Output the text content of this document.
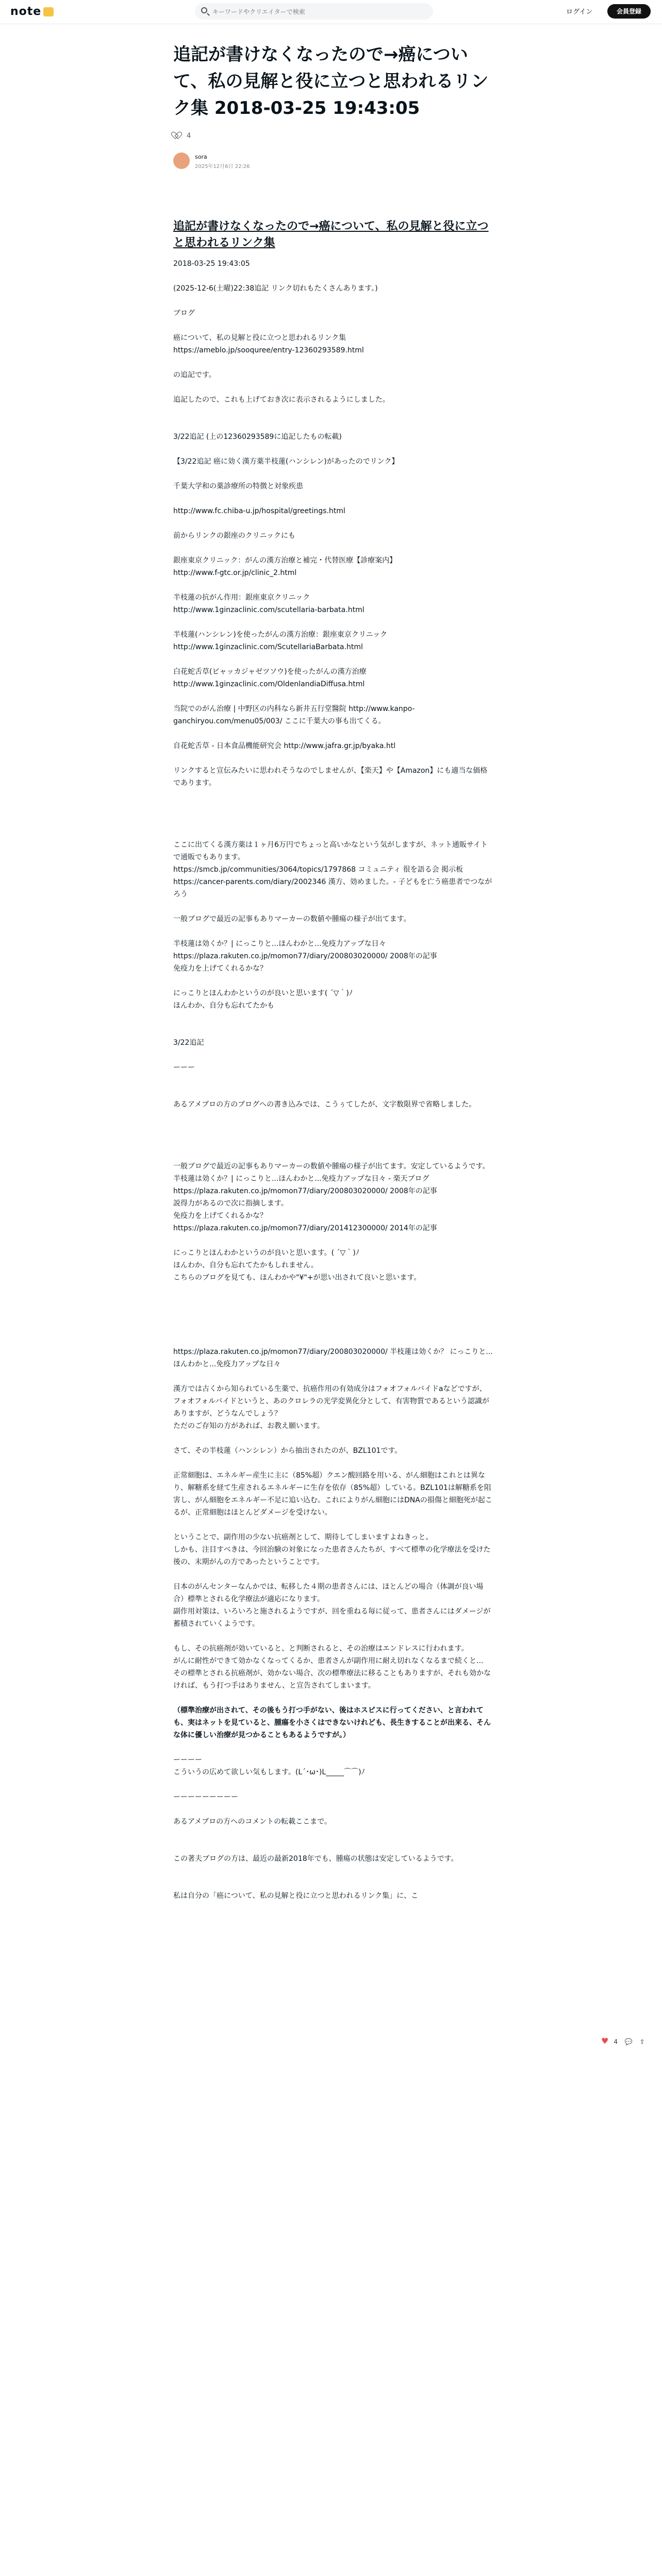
note
キーワードやクリエイターで検索	ログイン	会員登録
追記が書けなくなったので→癌について、私の見解と役に立つと思われるリンク集 2018-03-25 19:43:05
4
sora
2025年12月6日 22:26
追記が書けなくなったので→癌について、私の見解と役に立つと思われるリンク集

2018-03-25 19:43:05

(2025-12-6(土曜)22:38追記 リンク切れもたくさんあります。)

ブログ

癌について、私の見解と役に立つと思われるリンク集

https://ameblo.jp/sooquree/entry-12360293589.html

の追記です。

追記したので、これも上げておき次に表示されるようにしました。

3/22追記 (上の12360293589に追記したもの転載)

【3/22追記 癌に効く漢方薬半枝蓮(ハンシレン)があったのでリンク】

千葉大学和の薬診療所の特徴と対象疾患

http://www.fc.chiba-u.jp/hospital/greetings.html

前からリンクの銀座のクリニックにも

銀座東京クリニック：がんの漢方治療と補完・代替医療【診療案内】

http://www.f-gtc.or.jp/clinic_2.html

半枝蓮の抗がん作用：銀座東京クリニック

http://www.1ginzaclinic.com/scutellaria-barbata.html

半枝蓮(ハンシレン)を使ったがんの漢方治療：銀座東京クリニック

http://www.1ginzaclinic.com/ScutellariaBarbata.html

白花蛇舌草(ビャッカジャゼツソウ)を使ったがんの漢方治療

http://www.1ginzaclinic.com/OldenlandiaDiffusa.html

当院でのがん治療 | 中野区の内科なら新井五行堂醫院 http://www.kanpo-ganchiryou.com/menu05/003/ ここに千葉大の事も出てくる。

自花蛇舌草 - 日本食品機能研究会 http://www.jafra.gr.jp/byaka.htl

リンクすると宣伝みたいに思われそうなのでしませんが、【楽天】や【Amazon】にも適当な価格であります。

ここに出てくる漢方薬は１ヶ月6万円でちょっと高いかなという気がしますが、ネット通販サイトで通販でもあります。

https://smcb.jp/communities/3064/topics/1797868 コミュニティ 很を語る会 掲示板

https://cancer-parents.com/diary/2002346 漢方、効めました。- 子どもを亡う癌患者でつながろう

一般ブログで最近の記事もありマーカーの数値や腫瘍の様子が出てます。

半枝蓮は効くか？| にっこりと...ほんわかと...免疫力アップな日々

https://plaza.rakuten.co.jp/momon77/diary/200803020000/ 2008年の記事

免疫力を上げてくれるかな？

にっこりとほんわかというのが良いと思います( ´▽｀)ﾉ

ほんわか、自分も忘れてたかも

3/22追記

ーーー

あるアメブロの方のブログへの書き込みでは、こうぅてしたが、文字数限界で省略しました。

一般ブログで最近の記事もありマーカーの数値や腫瘍の様子が出てます。安定しているようです。

半枝蓮は効くか？| にっこりと...ほんわかと...免疫力アップな日々 - 楽天ブログ

https://plaza.rakuten.co.jp/momon77/diary/200803020000/ 2008年の記事

説得力があるので次に指摘します。

免疫力を上げてくれるかな？

https://plaza.rakuten.co.jp/momon77/diary/201412300000/ 2014年の記事

にっこりとほんわかというのが良いと思います。( ´▽｀)ﾉ

ほんわか、自分も忘れてたかもしれません。

こちらのブログを見ても、ほんわかや"¥"+が思い出されて良いと思います。

https://plaza.rakuten.co.jp/momon77/diary/200803020000/ 半枝蓮は効くか？ にっこりと...ほんわかと...免疫力アップな日々

漢方では古くから知られている生薬で、抗癌作用の有効成分はフォオフォルバイドaなどですが、フォオフォルバイドというと、あのクロレラの光学変異化分として、有害物質であるという認識がありますが、どうなんでしょう？

ただのご存知の方があれば、お教え願います。

さて、その半枝蓮（ハンシレン）から抽出されたのが、BZL101です。

正常細胞は、エネルギー産生に主に（85%超）クエン酸回路を用いる、がん細胞はこれとは異なり、解糖系を経て生産されるエネルギーに生存を依存（85%超）している。BZL101は解糖系を阻害し、がん細胞をエネルギー不足に追い込む。これによりがん細胞にはDNAの損傷と細胞死が起こるが、正常細胞はほとんどダメージを受けない。

ということで、副作用の少ない抗癌剤として、期待してしまいますよねきっと。

しかも、注目すべきは、今回治験の対象になった患者さんたちが、すべて標準の化学療法を受けた後の、末期がんの方であったということです。

日本のがんセンターなんかでは、転移した４期の患者さんには、ほとんどの場合（体調が良い場合）標準とされる化学療法が適応になります。

副作用対策は、いろいろと施されるようですが、回を重ねる毎に従って、患者さんにはダメージが蓄積されていくようです。

もし、その抗癌剤が効いていると、と判断されると、その治療はエンドレスに行われます。

がんに耐性ができて効かなくなってくるか、患者さんが副作用に耐え切れなくなるまで続くと...

その標準とされる抗癌剤が、効かない場合、次の標準療法に移ることもありますが、それも効かなければ、もう打つ手はありません、と宣告されてしまいます。

（標準治療が出されて、その後もう打つ手がない、後はホスピスに行ってください、と言われても、実はネットを見ていると、腫瘍を小さくはできないけれども、長生きすることが出来る、そんな体に優しい治療が見つかることもあるようですが。）

ーーーー

こういうの広めて欲しい気もします。(L´･ω･)L_____⌒⌒)ﾉ

ーーーーーーーーー

あるアメブロの方へのコメントの転載ここまで。

この著夫ブログの方は、最近の最新2018年でも、腫瘍の状態は安定しているようです。

私は自分の「癌について、私の見解と役に立つと思われるリンク集」に、こ

♥ 4 💬 ⇧
